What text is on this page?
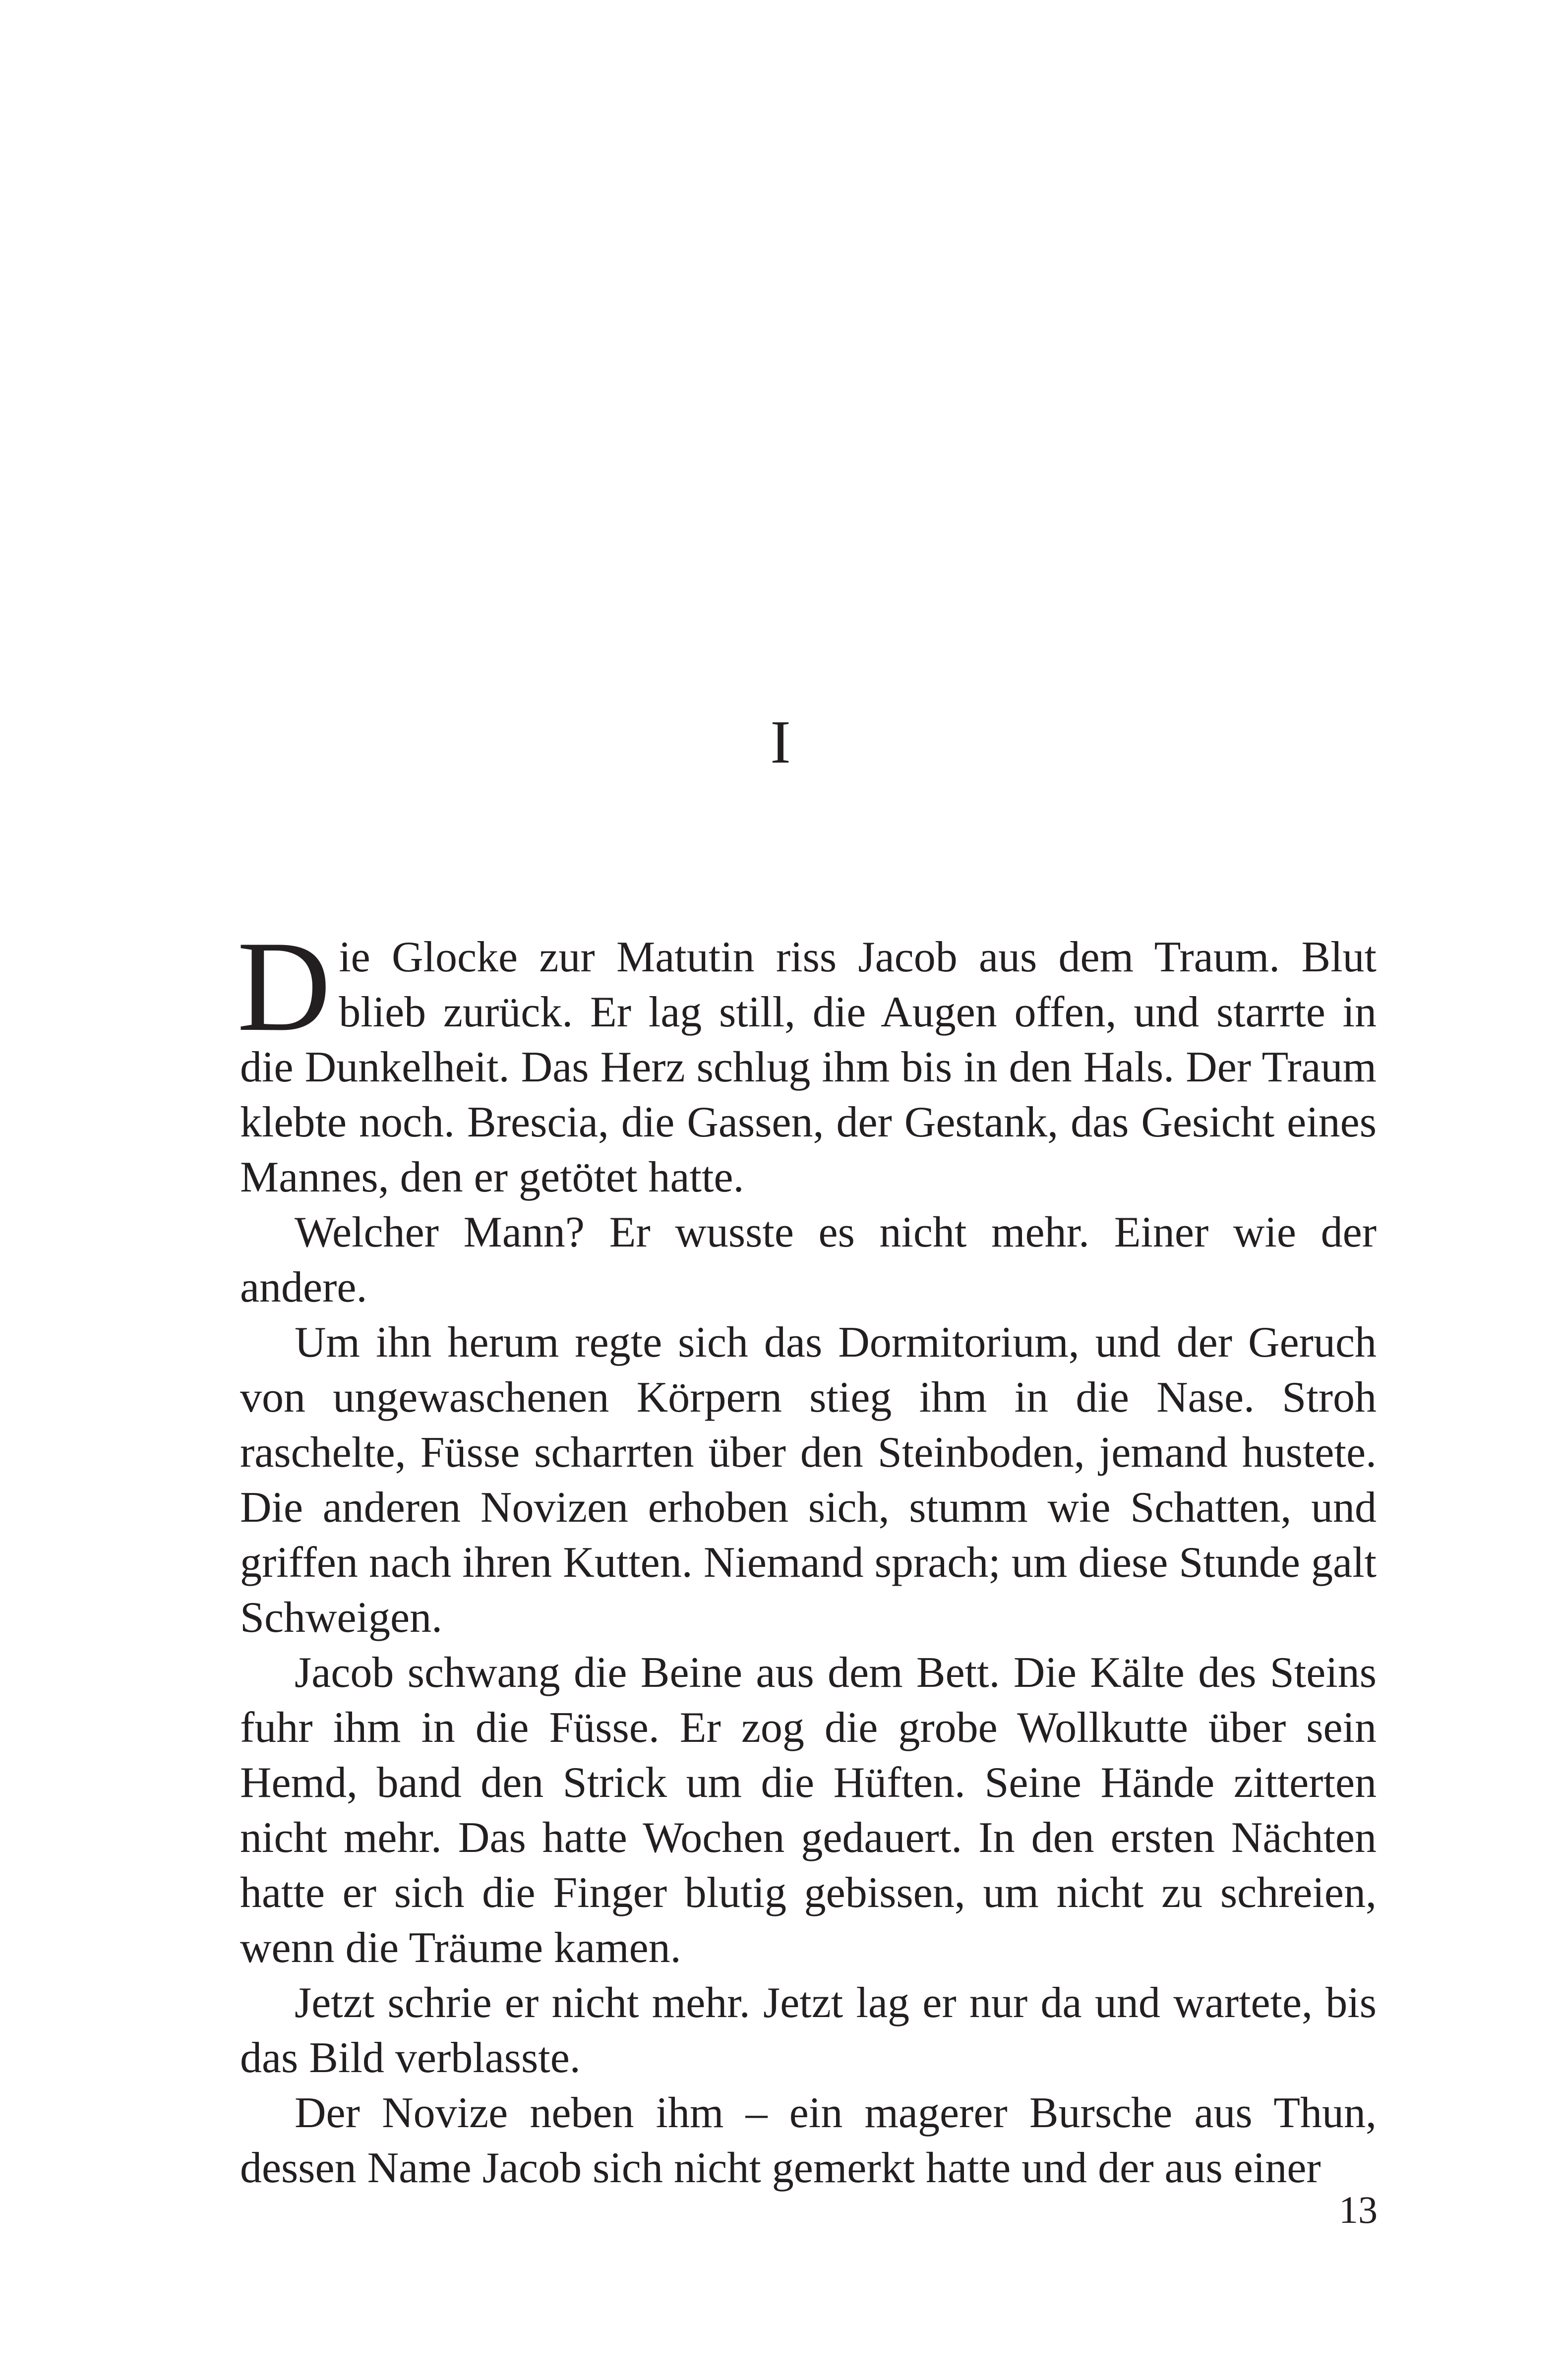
I

Die Glocke zur Matutin riss Jacob aus dem Traum. Blut blieb zurück. Er lag still, die Augen offen, und starrte in die Dunkelheit. Das Herz schlug ihm bis in den Hals. Der Traum klebte noch. Brescia, die Gassen, der Gestank, das Gesicht eines Mannes, den er getötet hatte.

Welcher Mann? Er wusste es nicht mehr. Einer wie der andere.

Um ihn herum regte sich das Dormitorium, und der Geruch von ungewaschenen Körpern stieg ihm in die Nase. Stroh raschelte, Füsse scharrten über den Steinboden, jemand hustete. Die anderen Novizen erhoben sich, stumm wie Schatten, und griffen nach ihren Kutten. Niemand sprach; um diese Stunde galt Schweigen.

Jacob schwang die Beine aus dem Bett. Die Kälte des Steins fuhr ihm in die Füsse. Er zog die grobe Wollkutte über sein Hemd, band den Strick um die Hüften. Seine Hände zitterten nicht mehr. Das hatte Wochen gedauert. In den ersten Nächten hatte er sich die Finger blutig gebissen, um nicht zu schreien, wenn die Träume kamen.

Jetzt schrie er nicht mehr. Jetzt lag er nur da und wartete, bis das Bild verblasste.

Der Novize neben ihm – ein magerer Bursche aus Thun, dessen Name Jacob sich nicht gemerkt hatte und der aus einer

13
